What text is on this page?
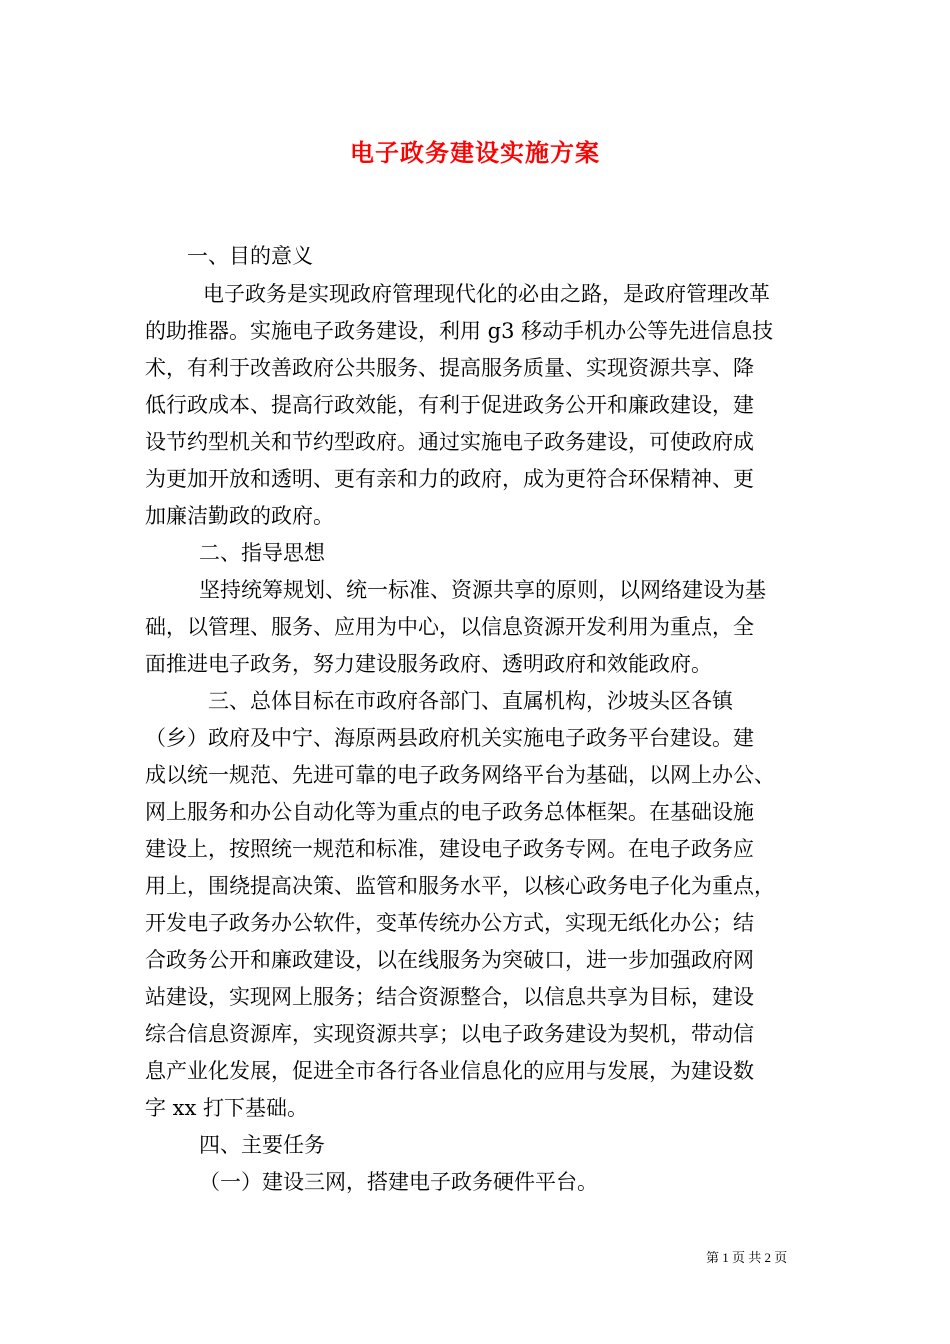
电子政务建设实施方案
一、目的意义
电子政务是实现政府管理现代化的必由之路，是政府管理改革
的助推器。实施电子政务建设，利用 g3 移动手机办公等先进信息技
术，有利于改善政府公共服务、提高服务质量、实现资源共享、降
低行政成本、提高行政效能，有利于促进政务公开和廉政建设，建
设节约型机关和节约型政府。通过实施电子政务建设，可使政府成
为更加开放和透明、更有亲和力的政府，成为更符合环保精神、更
加廉洁勤政的政府。
二、指导思想
坚持统筹规划、统一标准、资源共享的原则，以网络建设为基
础，以管理、服务、应用为中心，以信息资源开发利用为重点，全
面推进电子政务，努力建设服务政府、透明政府和效能政府。
三、总体目标在市政府各部门、直属机构，沙坡头区各镇
（乡）政府及中宁、海原两县政府机关实施电子政务平台建设。建
成以统一规范、先进可靠的电子政务网络平台为基础，以网上办公、
网上服务和办公自动化等为重点的电子政务总体框架。在基础设施
建设上，按照统一规范和标准，建设电子政务专网。在电子政务应
用上，围绕提高决策、监管和服务水平，以核心政务电子化为重点，
开发电子政务办公软件，变革传统办公方式，实现无纸化办公；结
合政务公开和廉政建设，以在线服务为突破口，进一步加强政府网
站建设，实现网上服务；结合资源整合，以信息共享为目标，建设
综合信息资源库，实现资源共享；以电子政务建设为契机，带动信
息产业化发展，促进全市各行各业信息化的应用与发展，为建设数
字 xx 打下基础。
四、主要任务
（一）建设三网，搭建电子政务硬件平台。
第 1 页 共 2 页
